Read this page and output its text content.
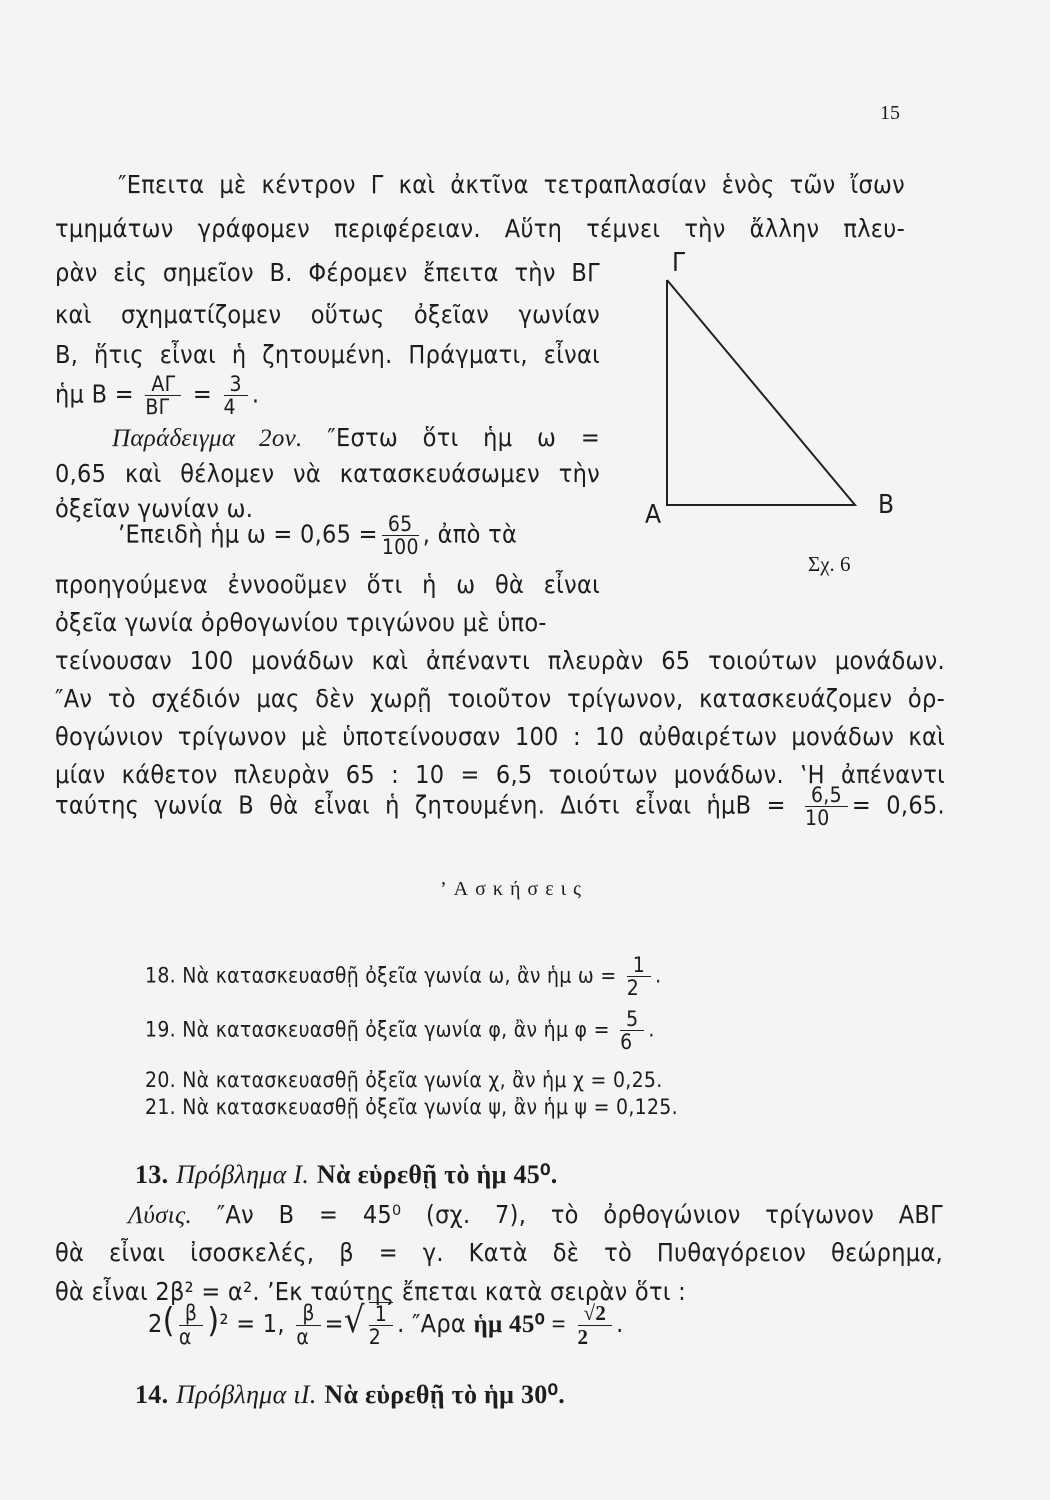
15
″Επειτα μὲ κέντρον Γ καὶ ἀκτῖνα τετραπλασίαν ἑνὸς τῶν ἴσων
τμημάτων γράφομεν περιφέρειαν. Αὕτη τέμνει τὴν ἄλλην πλευ-
ρὰν εἰς σημεῖον Β. Φέρομεν ἔπειτα τὴν ΒΓ
καὶ σχηματίζομεν οὕτως ὀξεῖαν γωνίαν
Β, ἥτις εἶναι ἡ ζητουμένη. Πράγματι, εἶναι
ἡμ $B = \frac{A\Gamma}{B\Gamma} = \frac{3}{4}$ .
Παράδειγμα 2ον. ″Εστω ὅτι ἡμ ω =
0,65 καὶ θέλομεν νὰ κατασκευάσωμεν τὴν
ὀξεῖαν γωνίαν ω.
’Επειδὴ ἡμ $\omega = 0,65 = \frac{65}{100}$ , ἀπὸ τὰ
προηγούμενα ἐννοοῦμεν ὅτι ἡ ω θὰ εἶναι
ὀξεῖα γωνία ὀρθογωνίου τριγώνου μὲ ὑπο-
τείνουσαν 100 μονάδων καὶ ἀπέναντι πλευρὰν 65 τοιούτων μονάδων.
″Αν τὸ σχέδιόν μας δὲν χωρῇ τοιοῦτον τρίγωνον, κατασκευάζομεν ὀρ-
θογώνιον τρίγωνον μὲ ὑποτείνουσαν 100 : 10 αὐθαιρέτων μονάδων καὶ
μίαν κάθετον πλευρὰν 65 : 10 = 6,5 τοιούτων μονάδων. ‛Η ἀπέναντι
ταύτης γωνία Β θὰ εἶναι ἡ ζητουμένη. Διότι εἶναι ἡμΒ = $\frac{6,5}{10} = 0,65$.
Γ
Α	Β
Σχ. 6
’Ασκήσεις
18. Νὰ κατασκευασθῇ ὀξεῖα γωνία ω, ἂν ἡμ $\omega = \frac{1}{2}$ .
19. Νὰ κατασκευασθῇ ὀξεῖα γωνία φ, ἂν ἡμ $\varphi = \frac{5}{6}$ .
20. Νὰ κατασκευασθῇ ὀξεῖα γωνία χ, ἂν ἡμ χ = 0,25.
21. Νὰ κατασκευασθῇ ὀξεῖα γωνία ψ, ἂν ἡμ ψ = 0,125.
13. Πρόβλημα I. Νὰ εὑρεθῇ τὸ ἡμ 45⁰.
Λύσις. ″Αν Β = 45⁰ (σχ. 7), τὸ ὀρθογώνιον τρίγωνον ΑΒΓ
θὰ εἶναι ἰσοσκελές, β = γ. Κατὰ δὲ τὸ Πυθαγόρειον θεώρημα,
θὰ εἶναι 2β² = α². ’Εκ ταύτης ἔπεται κατὰ σειρὰν ὅτι :
$2( \frac{\beta}{\alpha} )^2 = 1$, $\frac{\beta}{\alpha}$ =√ $\frac{1}{2}$ . ″Αρα ἡμ $45^0 = \frac{√2}{2}$ .
14. Πρόβλημα ιI. Νὰ εὑρεθῇ τὸ ἡμ 30⁰.
